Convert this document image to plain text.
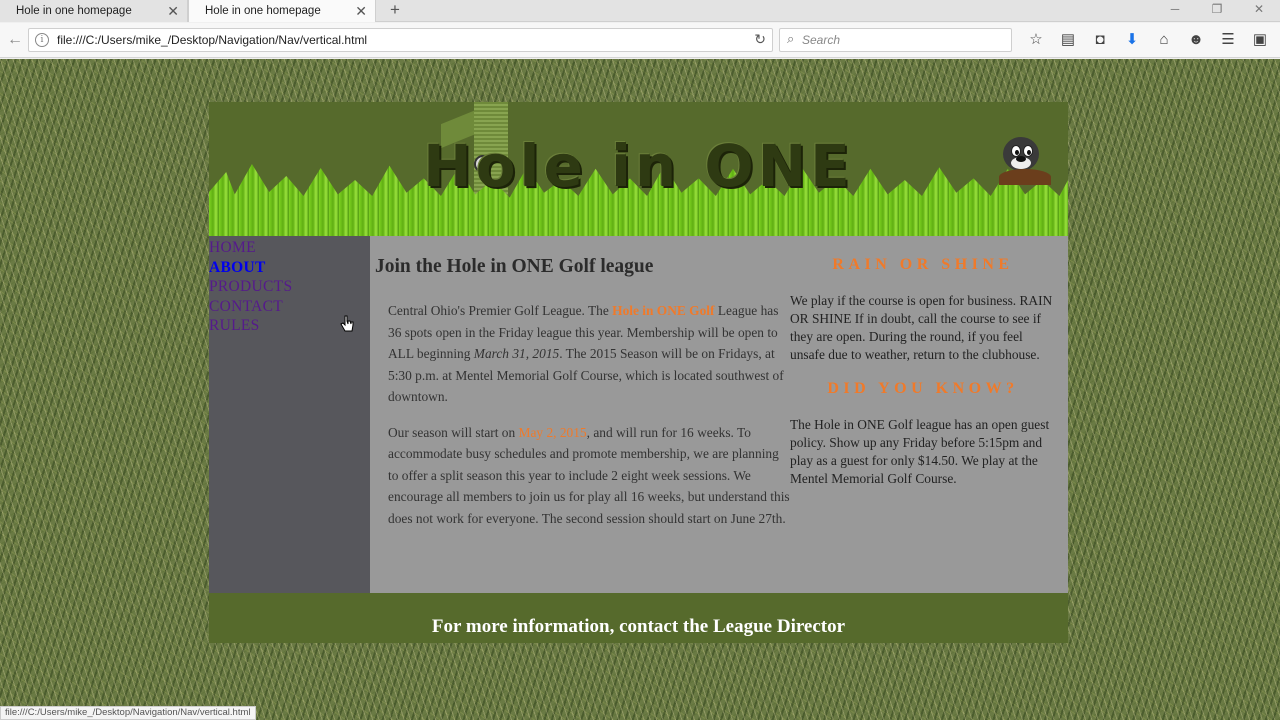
Hole in one homepage	✕	Hole in one homepage ✕ +	─	❐	✕
←	i	file:///C:/Users/mike_/Desktop/Navigation/Nav/vertical.html	↻ ⌕
Search	☆	▤	◘	⬇	⌂	☻	☰	▣
Hole in ONE
HOME
ABOUT
PRODUCTS
CONTACT
RULES
Join the Hole in ONE Golf league

Central Ohio's Premier Golf League. The Hole in ONE Golf League has 36 spots open in the Friday league this year. Membership will be open to ALL beginning March 31, 2015. The 2015 Season will be on Fridays, at 5:30 p.m. at Mentel Memorial Golf Course, which is located southwest of downtown.

Our season will start on May 2, 2015, and will run for 16 weeks. To accommodate busy schedules and promote membership, we are planning to offer a split season this year to include 2 eight week sessions. We encourage all members to join us for play all 16 weeks, but understand this does not work for everyone. The second session should start on June 27th.

RAIN OR SHINE

We play if the course is open for business. RAIN OR SHINE If in doubt, call the course to see if they are open. During the round, if you feel unsafe due to weather, return to the clubhouse.

DID YOU KNOW?

The Hole in ONE Golf league has an open guest policy. Show up any Friday before 5:15pm and play as a guest for only $14.50. We play at the Mentel Memorial Golf Course.

For more information, contact the League Director
file:///C:/Users/mike_/Desktop/Navigation/Nav/vertical.html
